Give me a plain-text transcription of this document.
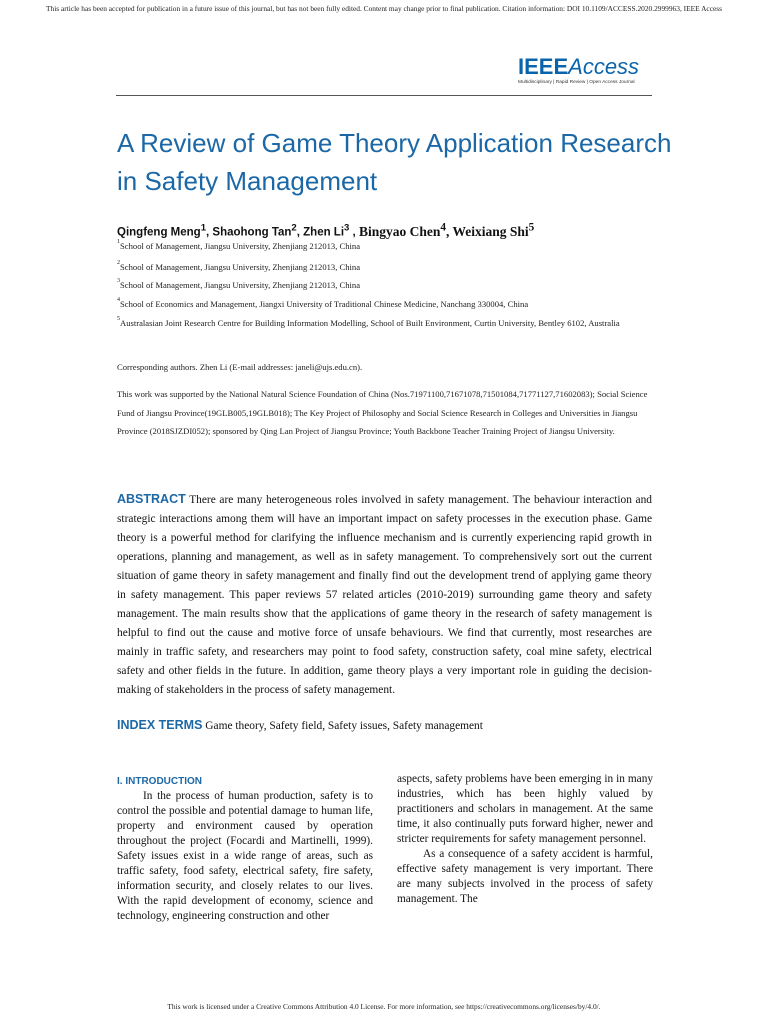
This article has been accepted for publication in a future issue of this journal, but has not been fully edited. Content may change prior to final publication. Citation information: DOI 10.1109/ACCESS.2020.2999963, IEEE Access
IEEEAccess
Multidisciplinary | Rapid Review | Open Access Journal
A Review of Game Theory Application Research in Safety Management
Qingfeng Meng$^1$, Shaohong Tan$^2$, Zhen Li$^3$ , Bingyao Chen$^4$, Weixiang Shi$^5$
$^1$School of Management, Jiangsu University, Zhenjiang 212013, China
$^2$School of Management, Jiangsu University, Zhenjiang 212013, China
$^3$School of Management, Jiangsu University, Zhenjiang 212013, China
$^4$School of Economics and Management, Jiangxi University of Traditional Chinese Medicine, Nanchang 330004, China
$^5$Australasian Joint Research Centre for Building Information Modelling, School of Built Environment, Curtin University, Bentley 6102, Australia
Corresponding authors. Zhen Li (E-mail addresses: janeli@ujs.edu.cn).
This work was supported by the National Natural Science Foundation of China (Nos.71971100,71671078,71501084,71771127,71602083); Social Science Fund of Jiangsu Province(19GLB005,19GLB018); The Key Project of Philosophy and Social Science Research in Colleges and Universities in Jiangsu Province (2018SJZDI052); sponsored by Qing Lan Project of Jiangsu Province; Youth Backbone Teacher Training Project of Jiangsu University.
ABSTRACT There are many heterogeneous roles involved in safety management. The behaviour interaction and strategic interactions among them will have an important impact on safety processes in the execution phase. Game theory is a powerful method for clarifying the influence mechanism and is currently experiencing rapid growth in operations, planning and management, as well as in safety management. To comprehensively sort out the current situation of game theory in safety management and finally find out the development trend of applying game theory in safety management. This paper reviews 57 related articles (2010-2019) surrounding game theory and safety management. The main results show that the applications of game theory in the research of safety management is helpful to find out the cause and motive force of unsafe behaviours. We find that currently, most researches are mainly in traffic safety, and researchers may point to food safety, construction safety, coal mine safety, electrical safety and other fields in the future. In addition, game theory plays a very important role in guiding the decision-making of stakeholders in the process of safety management.
INDEX TERMS Game theory, Safety field, Safety issues, Safety management
I. INTRODUCTION

In the process of human production, safety is to control the possible and potential damage to human life, property and environment caused by operation throughout the project (Focardi and Martinelli, 1999). Safety issues exist in a wide range of areas, such as traffic safety, food safety, electrical safety, fire safety, information security, and closely relates to our lives. With the rapid development of economy, science and technology, engineering construction and other

aspects, safety problems have been emerging in in many industries, which has been highly valued by practitioners and scholars in management. At the same time, it also continually puts forward higher, newer and stricter requirements for safety management personnel.

As a consequence of a safety accident is harmful, effective safety management is very important. There are many subjects involved in the process of safety management. The

This work is licensed under a Creative Commons Attribution 4.0 License. For more information, see https://creativecommons.org/licenses/by/4.0/.
